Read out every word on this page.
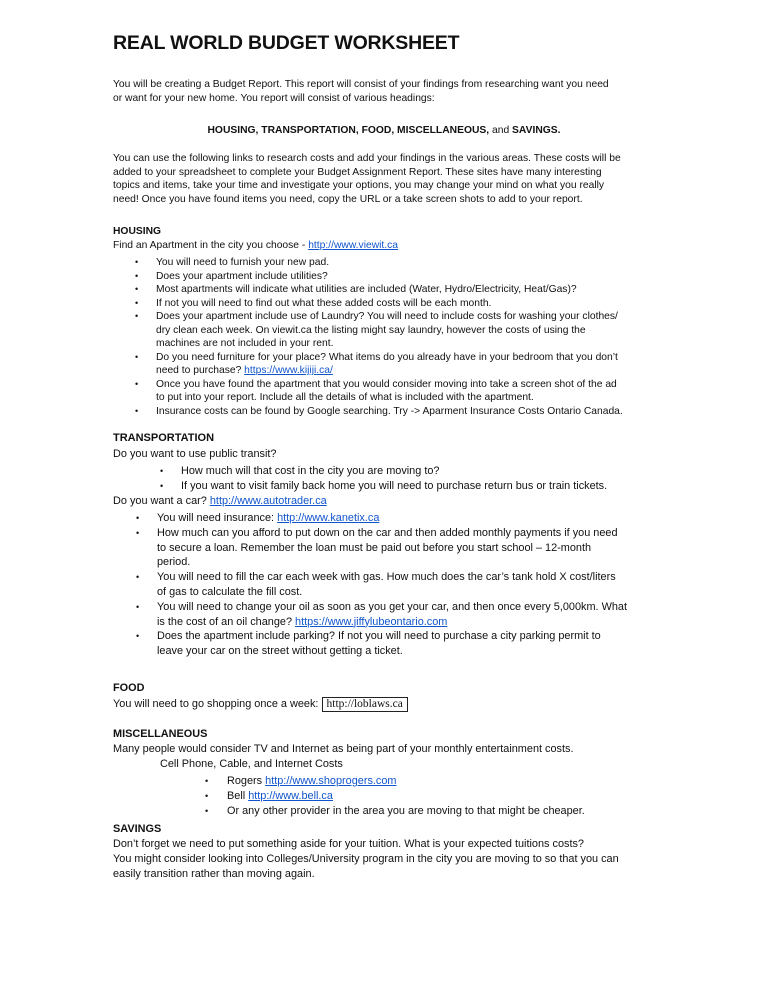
REAL WORLD BUDGET WORKSHEET
You will be creating a Budget Report. This report will consist of your findings from researching want you need
or want for your new home. You report will consist of various headings:
HOUSING, TRANSPORTATION, FOOD, MISCELLANEOUS, and SAVINGS.
You can use the following links to research costs and add your findings in the various areas. These costs will be
added to your spreadsheet to complete your Budget Assignment Report. These sites have many interesting
topics and items, take your time and investigate your options, you may change your mind on what you really
need! Once you have found items you need, copy the URL or a take screen shots to add to your report.
HOUSING
Find an Apartment in the city you choose - http://www.viewit.ca
• You will need to furnish your new pad.
• Does your apartment include utilities?
• Most apartments will indicate what utilities are included (Water, Hydro/Electricity, Heat/Gas)?
• If not you will need to find out what these added costs will be each month.
• Does your apartment include use of Laundry? You will need to include costs for washing your clothes/
dry clean each week. On viewit.ca the listing might say laundry, however the costs of using the
machines are not included in your rent.
• Do you need furniture for your place? What items do you already have in your bedroom that you don’t
need to purchase? https://www.kijiji.ca/
• Once you have found the apartment that you would consider moving into take a screen shot of the ad
to put into your report. Include all the details of what is included with the apartment.
• Insurance costs can be found by Google searching. Try -> Aparment Insurance Costs Ontario Canada.
TRANSPORTATION
Do you want to use public transit?
• How much will that cost in the city you are moving to?
• If you want to visit family back home you will need to purchase return bus or train tickets.
Do you want a car? http://www.autotrader.ca
• You will need insurance: http://www.kanetix.ca
• How much can you afford to put down on the car and then added monthly payments if you need
to secure a loan. Remember the loan must be paid out before you start school – 12-month
period.
• You will need to fill the car each week with gas. How much does the car’s tank hold X cost/liters
of gas to calculate the fill cost.
• You will need to change your oil as soon as you get your car, and then once every 5,000km. What
is the cost of an oil change? https://www.jiffylubeontario.com
• Does the apartment include parking? If not you will need to purchase a city parking permit to
leave your car on the street without getting a ticket.
FOOD
You will need to go shopping once a week: http://loblaws.ca
MISCELLANEOUS
Many people would consider TV and Internet as being part of your monthly entertainment costs.
Cell Phone, Cable, and Internet Costs
• Rogers http://www.shoprogers.com
• Bell http://www.bell.ca
• Or any other provider in the area you are moving to that might be cheaper.
SAVINGS
Don’t forget we need to put something aside for your tuition. What is your expected tuitions costs?
You might consider looking into Colleges/University program in the city you are moving to so that you can
easily transition rather than moving again.
